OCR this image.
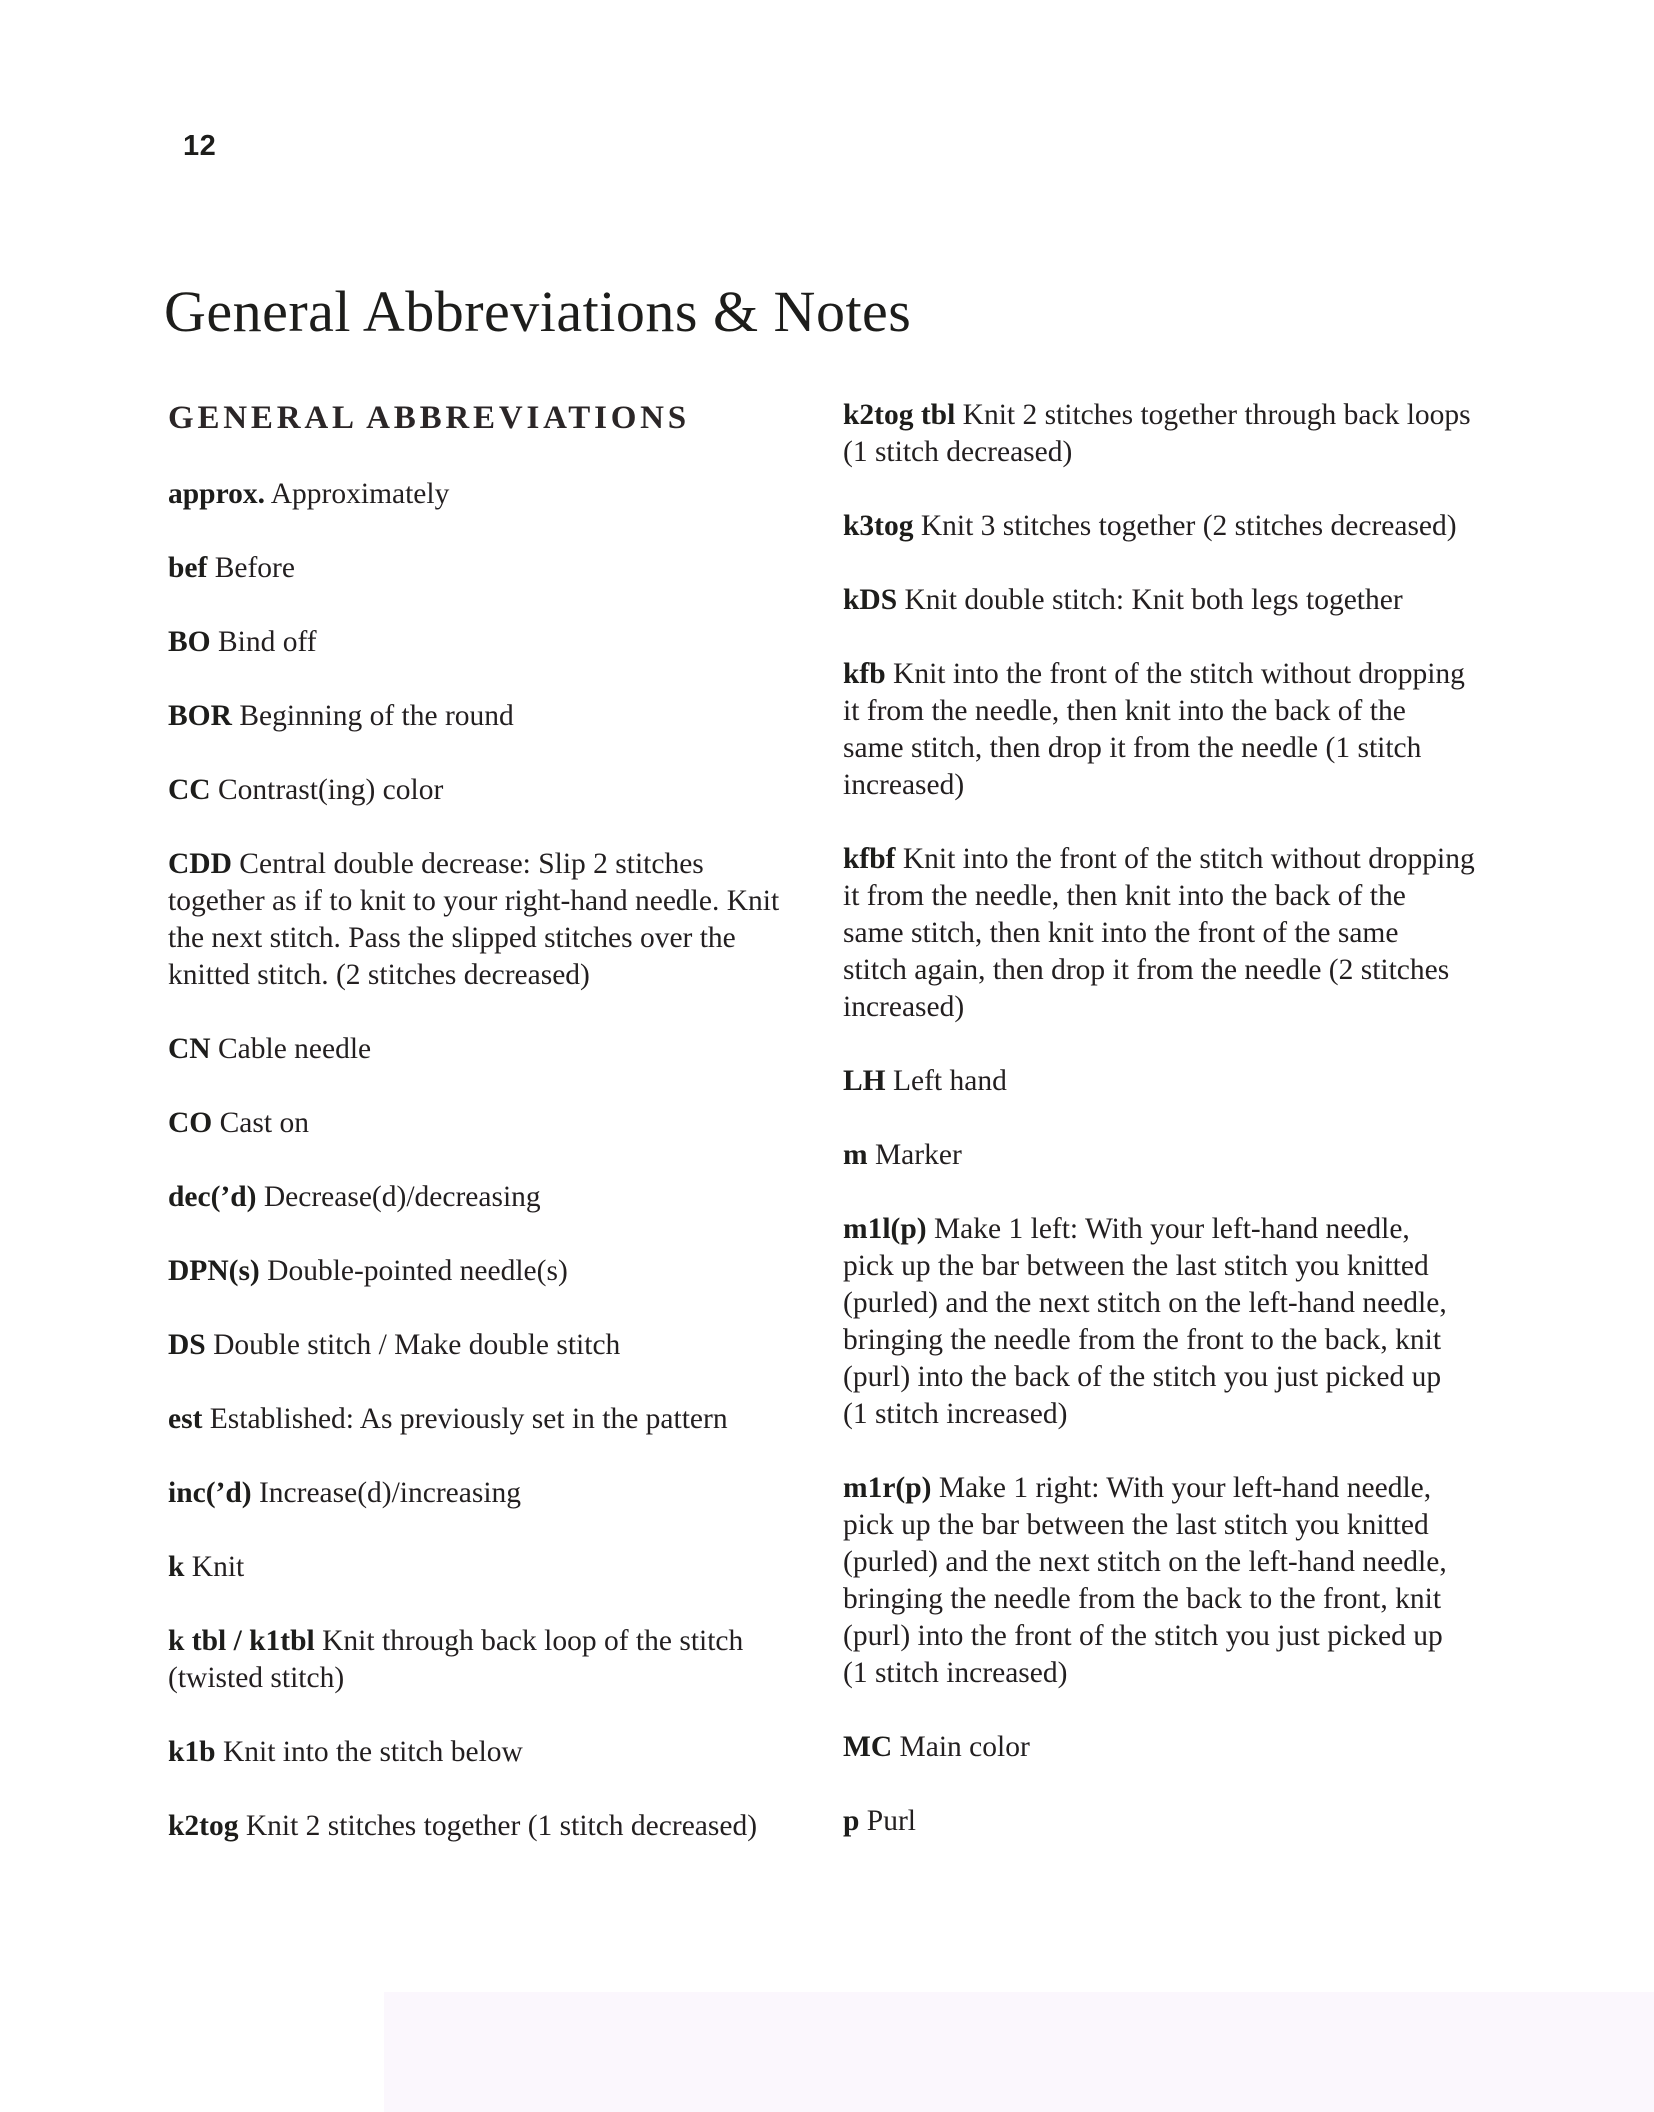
12
General Abbreviations & Notes
GENERAL ABBREVIATIONS

approx. Approximately

bef Before

BO Bind off

BOR Beginning of the round

CC Contrast(ing) color

CDD Central double decrease: Slip 2 stitches
together as if to knit to your right-hand needle. Knit
the next stitch. Pass the slipped stitches over the
knitted stitch. (2 stitches decreased)

CN Cable needle

CO Cast on

dec(’d) Decrease(d)/decreasing

DPN(s) Double-pointed needle(s)

DS Double stitch / Make double stitch

est Established: As previously set in the pattern

inc(’d) Increase(d)/increasing

k Knit

k tbl / k1tbl Knit through back loop of the stitch
(twisted stitch)

k1b Knit into the stitch below

k2tog Knit 2 stitches together (1 stitch decreased)

k2tog tbl Knit 2 stitches together through back loops
(1 stitch decreased)

k3tog Knit 3 stitches together (2 stitches decreased)

kDS Knit double stitch: Knit both legs together

kfb Knit into the front of the stitch without dropping
it from the needle, then knit into the back of the
same stitch, then drop it from the needle (1 stitch
increased)

kfbf Knit into the front of the stitch without dropping
it from the needle, then knit into the back of the
same stitch, then knit into the front of the same
stitch again, then drop it from the needle (2 stitches
increased)

LH Left hand

m Marker

m1l(p) Make 1 left: With your left-hand needle,
pick up the bar between the last stitch you knitted
(purled) and the next stitch on the left-hand needle,
bringing the needle from the front to the back, knit
(purl) into the back of the stitch you just picked up
(1 stitch increased)

m1r(p) Make 1 right: With your left-hand needle,
pick up the bar between the last stitch you knitted
(purled) and the next stitch on the left-hand needle,
bringing the needle from the back to the front, knit
(purl) into the front of the stitch you just picked up
(1 stitch increased)

MC Main color

p Purl
